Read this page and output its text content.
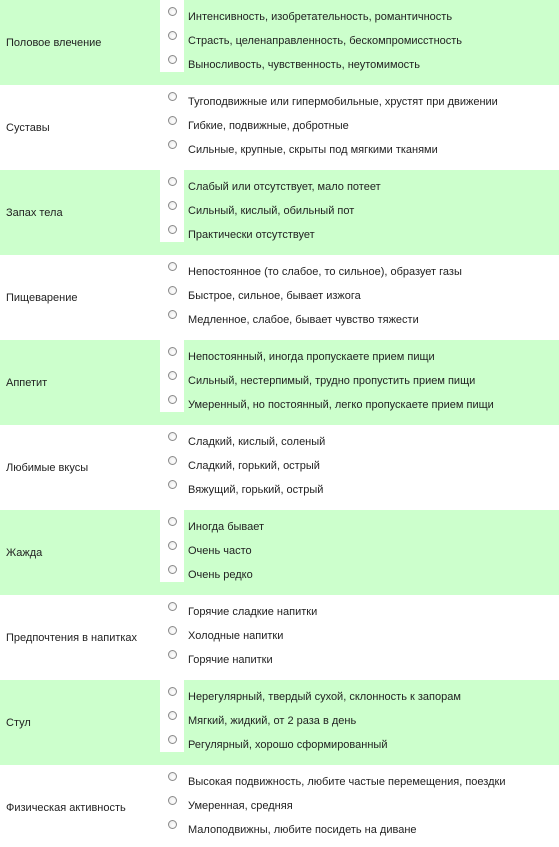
Половое влечение
Интенсивность, изобретательность, романтичность
Страсть, целенаправленность, бескомпромисстность
Выносливость, чувственность, неутомимость
Суставы
Тугоподвижные или гипермобильные, хрустят при движении
Гибкие, подвижные, добротные
Сильные, крупные, скрыты под мягкими тканями
Запах тела
Слабый или отсутствует, мало потеет
Сильный, кислый, обильный пот
Практически отсутствует
Пищеварение
Непостоянное (то слабое, то сильное), образует газы
Быстрое, сильное, бывает изжога
Медленное, слабое, бывает чувство тяжести
Аппетит
Непостоянный, иногда пропускаете прием пищи
Сильный, нестерпимый, трудно пропустить прием пищи
Умеренный, но постоянный, легко пропускаете прием пищи
Любимые вкусы
Сладкий, кислый, соленый
Сладкий, горький, острый
Вяжущий, горький, острый
Жажда
Иногда бывает
Очень часто
Очень редко
Предпочтения в напитках
Горячие сладкие напитки
Холодные напитки
Горячие напитки
Стул
Нерегулярный, твердый сухой, склонность к запорам
Мягкий, жидкий, от 2 раза в день
Регулярный, хорошо сформированный
Физическая активность
Высокая подвижность, любите частые перемещения, поездки
Умеренная, средняя
Малоподвижны, любите посидеть на диване
